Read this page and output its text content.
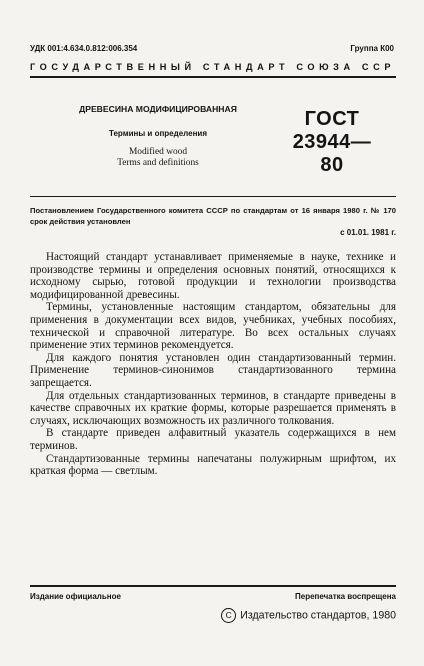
УДК 001:4.634.0.812:006.354	Группа К00
ГОСУДАРСТВЕННЫЙ СТАНДАРТ СОЮЗА ССР
ДРЕВЕСИНА МОДИФИЦИРОВАННАЯ
Термины и определения
Modified wood
Terms and definitions
ГОСТ
23944—80
Постановлением Государственного комитета СССР по стандартам от 16 января 1980 г. № 170 срок действия установлен
с 01.01. 1981 г.

Настоящий стандарт устанавливает применяемые в науке, технике и производстве термины и определения основных понятий, относящихся к исходному сырью, готовой продукции и технологии производства модифицированной древесины.

Термины, установленные настоящим стандартом, обязательны для применения в документации всех видов, учебниках, учебных пособиях, технической и справочной литературе. Во всех остальных случаях применение этих терминов рекомендуется.

Для каждого понятия установлен один стандартизованный термин. Применение терминов-синонимов стандартизованного термина запрещается.

Для отдельных стандартизованных терминов, в стандарте приведены в качестве справочных их краткие формы, которые разрешается применять в случаях, исключающих возможность их различного толкования.

В стандарте приведен алфавитный указатель содержащихся в нем терминов.

Стандартизованные термины напечатаны полужирным шрифтом, их краткая форма — светлым.

Издание официальное	Перепечатка воспрещена
C Издательство стандартов, 1980
